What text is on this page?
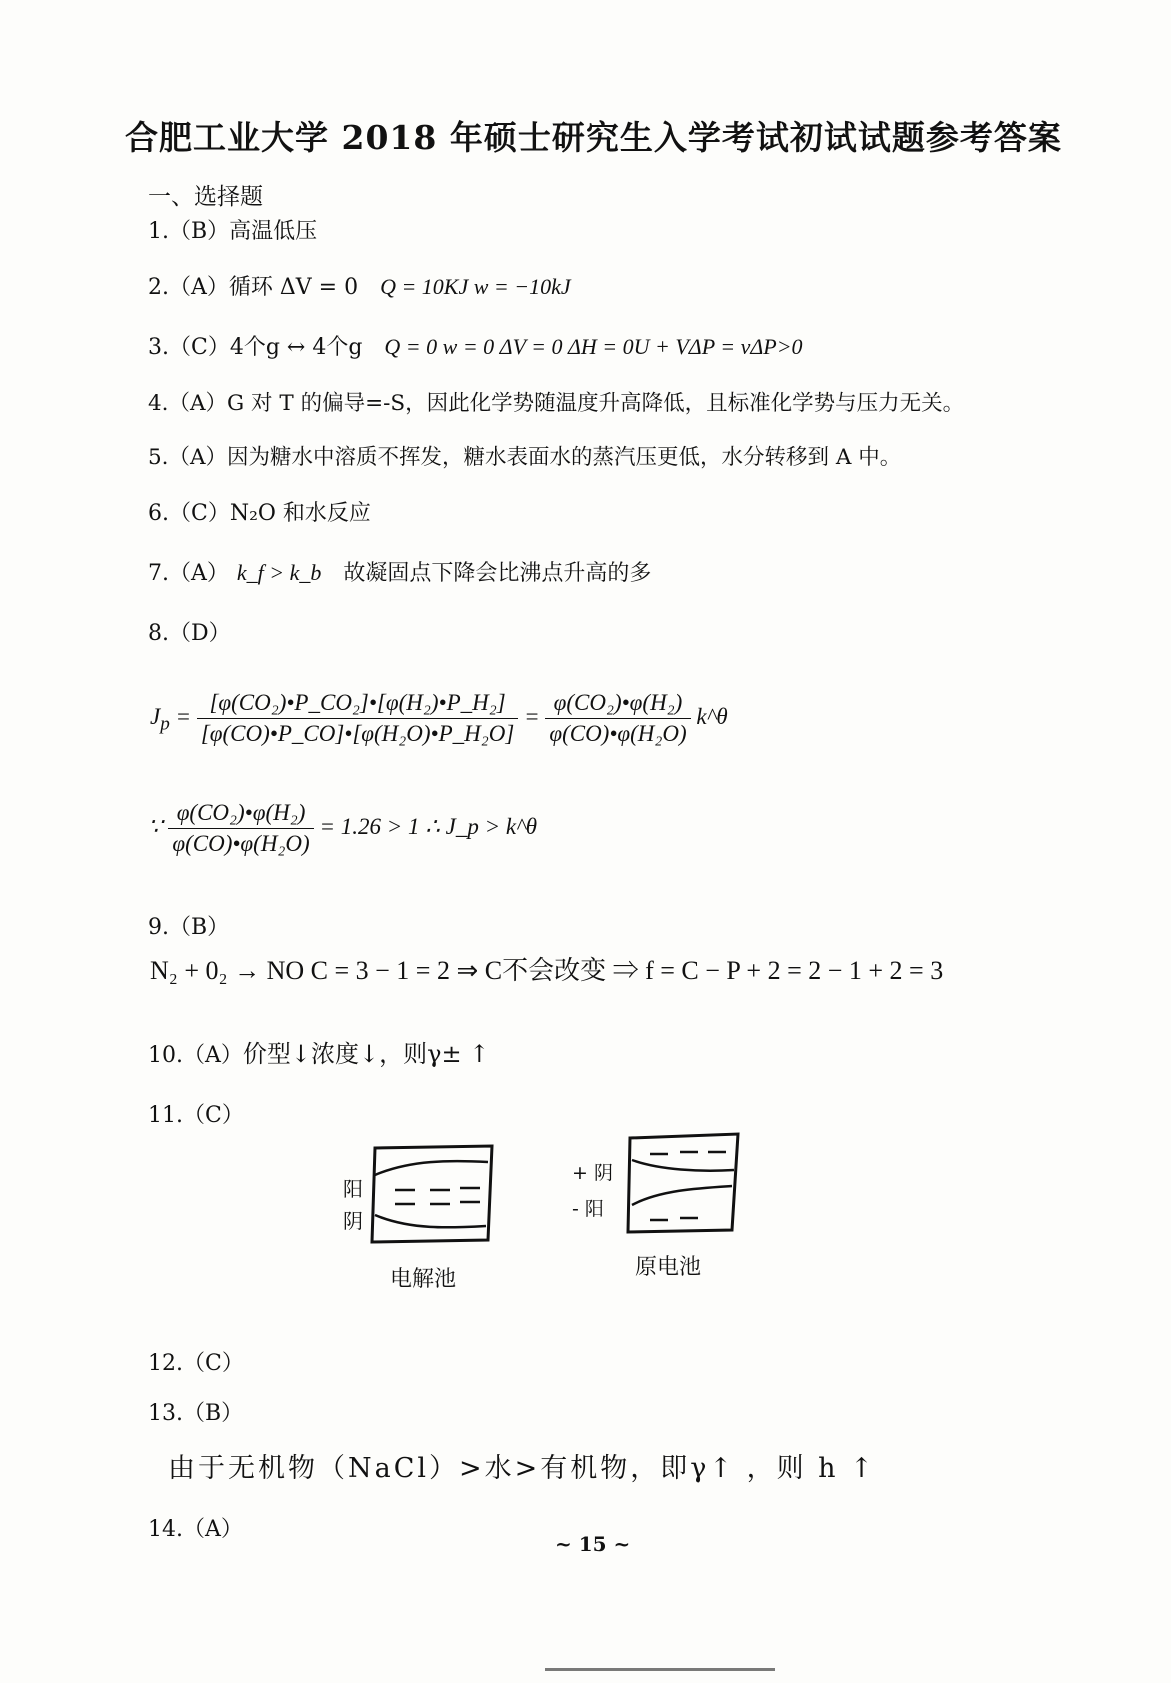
合肥工业大学 2018 年硕士研究生入学考试初试试题参考答案
一、选择题
1.（B）高温低压
2.（A）循环 ΔV = 0 Q = 10KJ w = −10kJ
3.（C）4个g ↔ 4个g Q = 0 w = 0 ΔV = 0 ΔH = 0U + VΔP = vΔP>0
4.（A）G 对 T 的偏导=-S，因此化学势随温度升高降低，且标准化学势与压力无关。
5.（A）因为糖水中溶质不挥发，糖水表面水的蒸汽压更低，水分转移到 A 中。
6.（C）N₂O 和水反应
7.（A） k_f > k_b 故凝固点下降会比沸点升高的多
8.（D）
$J_p = \frac{\text{[φ(CO₂)•P\_CO₂]•[φ(H₂)•P\_H₂]}}{\text{[φ(CO)•P\_CO]•[φ(H₂O)•P\_H₂O]}} = \frac{\text{φ(CO₂)•φ(H₂)}}{\text{φ(CO)•φ(H₂O)}}$ k^θ
∵ $\frac{\text{φ(CO₂)•φ(H₂)}}{\text{φ(CO)•φ(H₂O)}} = 1.26 > 1$ ∴ J_p > k^θ
9.（B）
N₂ + 0₂ → NO C = 3 − 1 = 2 ⇒ C不会改变 ⇒ f = C − P + 2 = 2 − 1 + 2 = 3
10.（A）价型↓浓度↓，则γ± ↑
11.（C）
阳
阴
电解池
+ 阴
- 阳
原电池
12.（C）
13.（B）
由于无机物（NaCl）>水>有机物，即γ↑ ，则 h ↑
14.（A）
~ 15 ~
